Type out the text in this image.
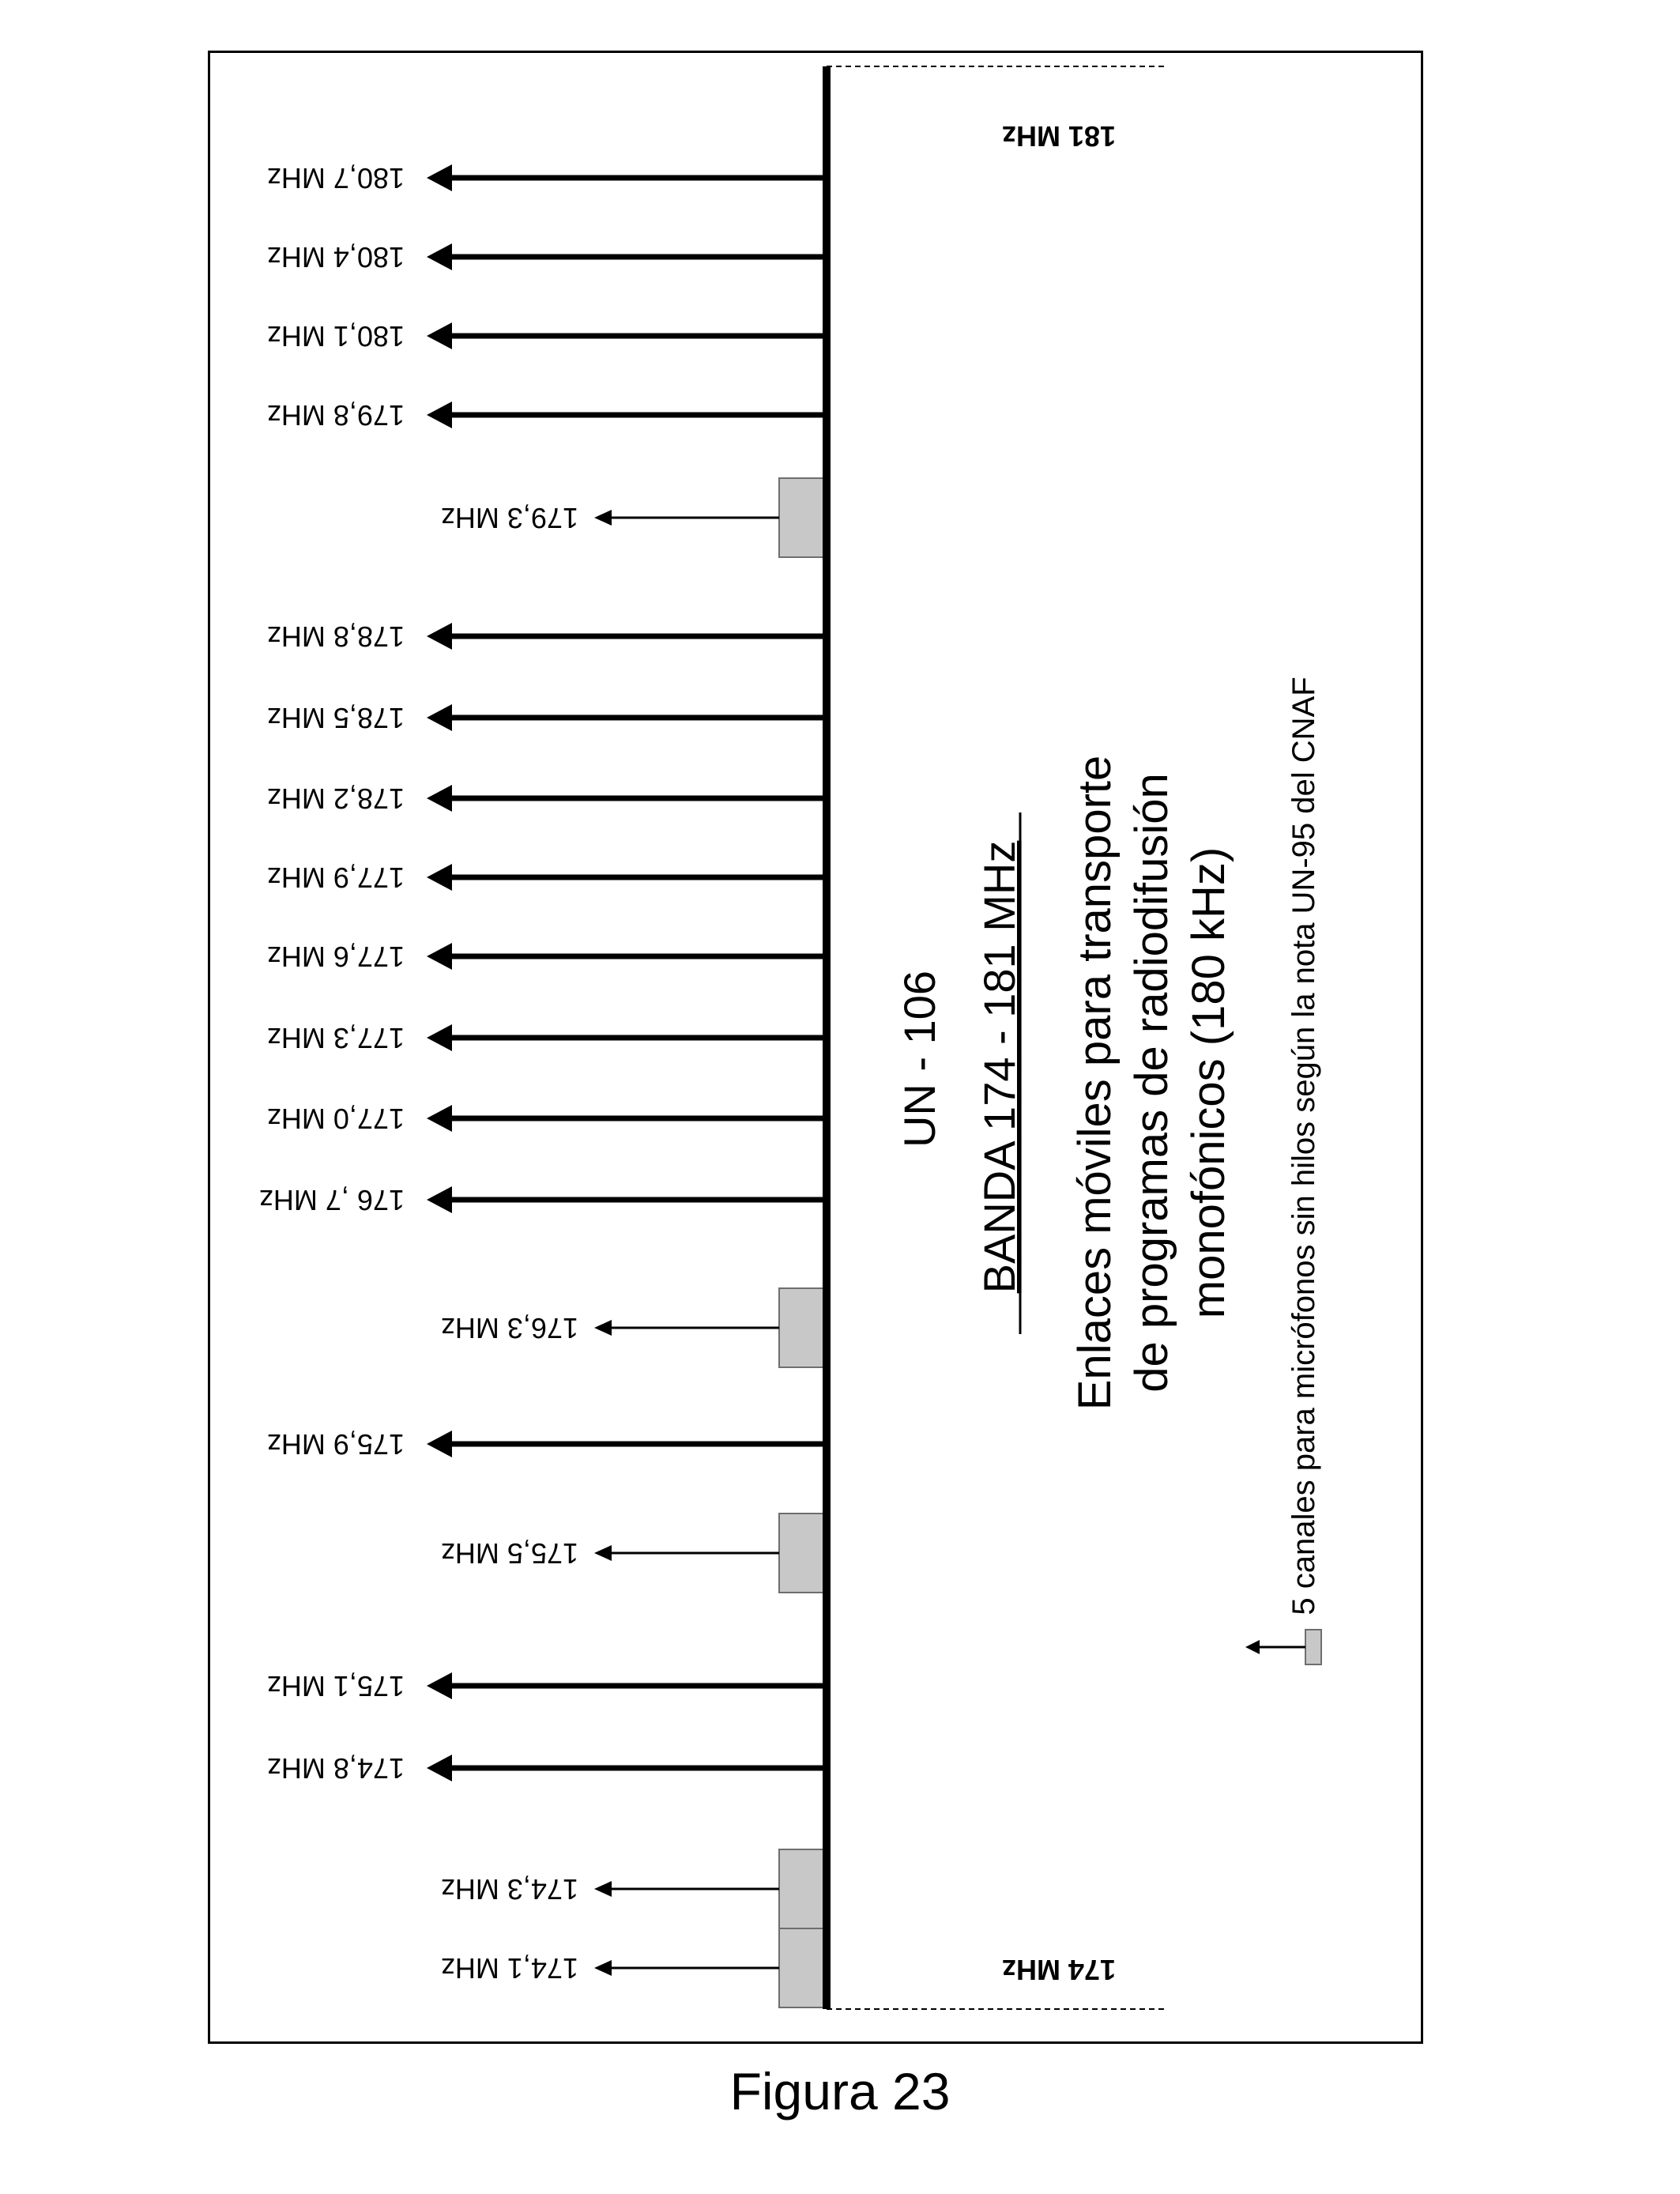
181 MHz
174 MHz
174,8 MHz
175,1 MHz
175,9 MHz
176 ,7 MHz
177,0 MHz
177,3 MHz
177,6 MHz
177,9 MHz
178,2 MHz
178,5 MHz
178,8 MHz
179,8 MHz
180,1 MHz
180,4 MHz
180,7 MHz
174,1 MHz
174,3 MHz
175,5 MHz
176,3 MHz
179,3 MHz
UN - 106 BANDA 174 - 181 MHz Enlaces móviles para transporte de programas de radiodifusión monofónicos (180 kHz) 5 canales para micrófonos sin hilos según la nota UN-95 del CNAF
Figura 23
